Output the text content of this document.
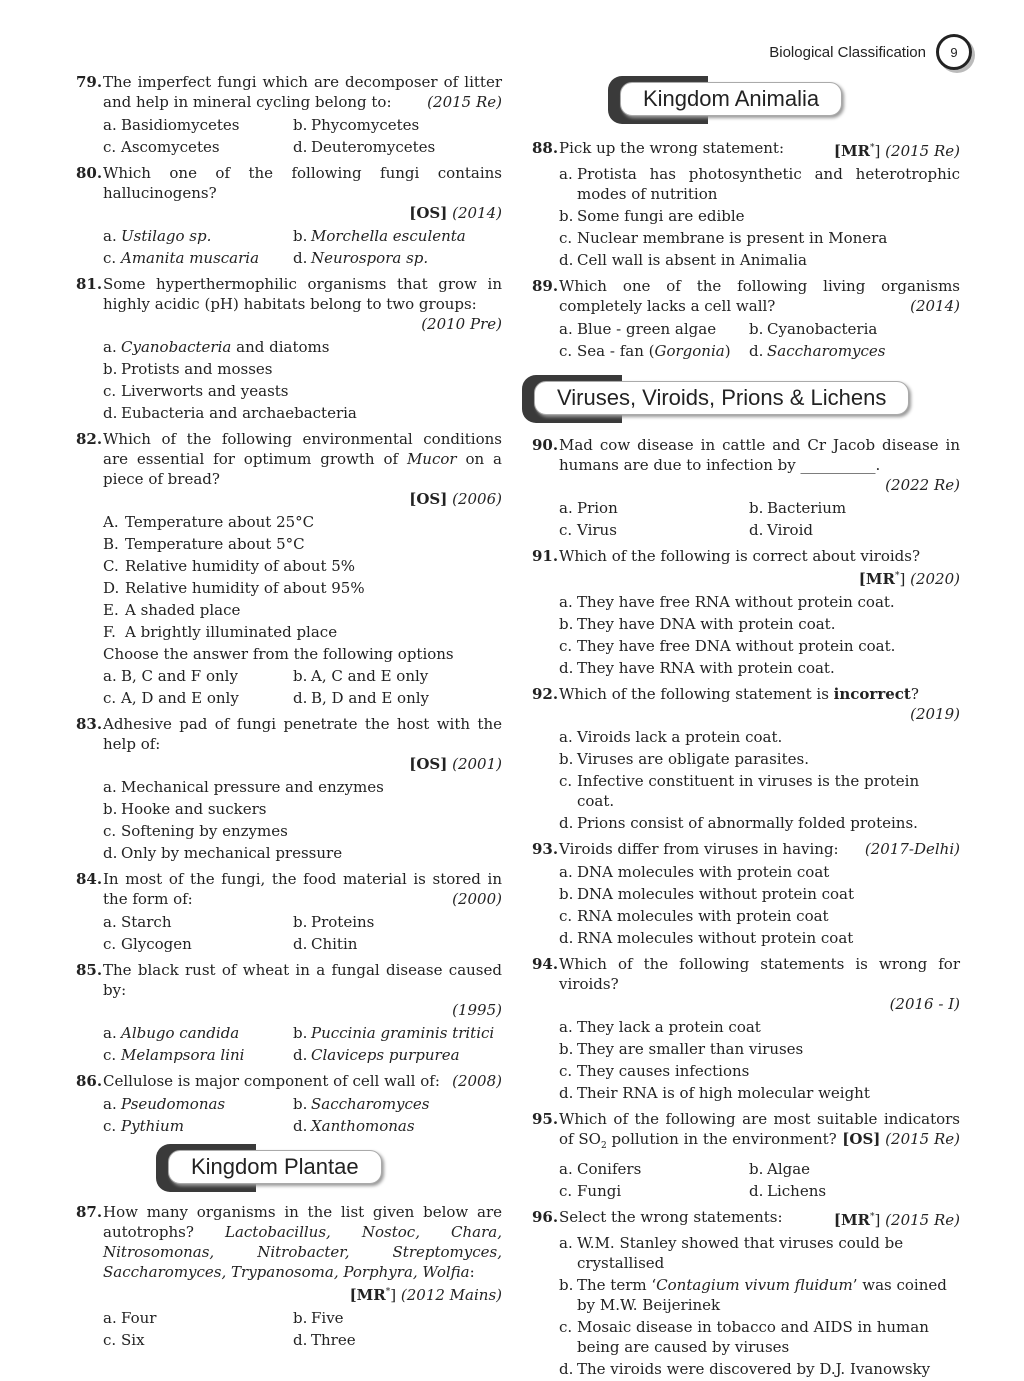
Biological Classification	9
79. The imperfect fungi which are decomposer of litter and help in mineral cycling belong to: (2015 Re)
a. Basidiomycetes	b. Phycomycetes
c. Ascomycetes	d. Deuteromycetes
80. Which one of the following fungi contains hallucinogens?
[OS] (2014)
a. Ustilago sp.	b. Morchella esculenta
c. Amanita muscaria d. Neurospora sp.
81. Some hyperthermophilic organisms that grow in highly acidic (pH) habitats belong to two groups:
(2010 Pre)
a. Cyanobacteria and diatoms
b. Protists and mosses
c. Liverworts and yeasts
d. Eubacteria and archaebacteria
82. Which of the following environmental conditions are essential for optimum growth of Mucor on a piece of bread?
[OS] (2006)
A. Temperature about 25°C
B. Temperature about 5°C
C. Relative humidity of about 5%
D. Relative humidity of about 95%
E. A shaded place
F. A brightly illuminated place
Choose the answer from the following options
a. B, C and F only	b. A, C and E only
c. A, D and E only	d. B, D and E only
83. Adhesive pad of fungi penetrate the host with the help of:
[OS] (2001)
a. Mechanical pressure and enzymes
b. Hooke and suckers
c. Softening by enzymes
d. Only by mechanical pressure
84. In most of the fungi, the food material is stored in the form of:	(2000)
a. Starch	b. Proteins
c. Glycogen	d. Chitin
85. The black rust of wheat in a fungal disease caused by:
(1995)
a. Albugo candida	b. Puccinia graminis tritici
c. Melampsora lini	d. Claviceps purpurea
86. Cellulose is major component of cell wall of: (2008)
a. Pseudomonas	b. Saccharomyces
c. Pythium	d. Xanthomonas
Kingdom Plantae
87. How many organisms in the list given below are autotrophs? Lactobacillus, Nostoc, Chara, Nitrosomonas, Nitrobacter, Streptomyces, Saccharomyces, Trypanosoma, Porphyra, Wolfia:
[MR*] (2012 Mains)
a. Four	b. Five
c. Six	d. Three
Kingdom Animalia
88. Pick up the wrong statement:	[MR*] (2015 Re)
a. Protista has photosynthetic and heterotrophic modes of nutrition
b. Some fungi are edible
c. Nuclear membrane is present in Monera
d. Cell wall is absent in Animalia
89. Which one of the following living organisms completely lacks a cell wall?	(2014)
a. Blue - green algae b. Cyanobacteria
c. Sea - fan (Gorgonia) d. Saccharomyces
Viruses, Viroids, Prions & Lichens
90. Mad cow disease in cattle and Cr Jacob disease in humans are due to infection by __________.
(2022 Re)
a. Prion	b. Bacterium
c. Virus	d. Viroid
91. Which of the following is correct about viroids?
[MR*] (2020)
a. They have free RNA without protein coat.
b. They have DNA with protein coat.
c. They have free DNA without protein coat.
d. They have RNA with protein coat.
92. Which of the following statement is incorrect?
(2019)
a. Viroids lack a protein coat.
b. Viruses are obligate parasites.
c. Infective constituent in viruses is the protein coat.
d. Prions consist of abnormally folded proteins.
93. Viroids differ from viruses in having: (2017-Delhi)
a. DNA molecules with protein coat
b. DNA molecules without protein coat
c. RNA molecules with protein coat
d. RNA molecules without protein coat
94. Which of the following statements is wrong for viroids?
(2016 - I)
a. They lack a protein coat
b. They are smaller than viruses
c. They causes infections
d. Their RNA is of high molecular weight
95. Which of the following are most suitable indicators of $SO_2$ pollution in the environment? [OS] (2015 Re)
a. Conifers	b. Algae
c. Fungi	d. Lichens
96. Select the wrong statements:	[MR*] (2015 Re)
a. W.M. Stanley showed that viruses could be crystallised
b. The term ‘Contagium vivum fluidum’ was coined by M.W. Beijerinek
c. Mosaic disease in tobacco and AIDS in human being are caused by viruses
d. The viroids were discovered by D.J. Ivanowsky
